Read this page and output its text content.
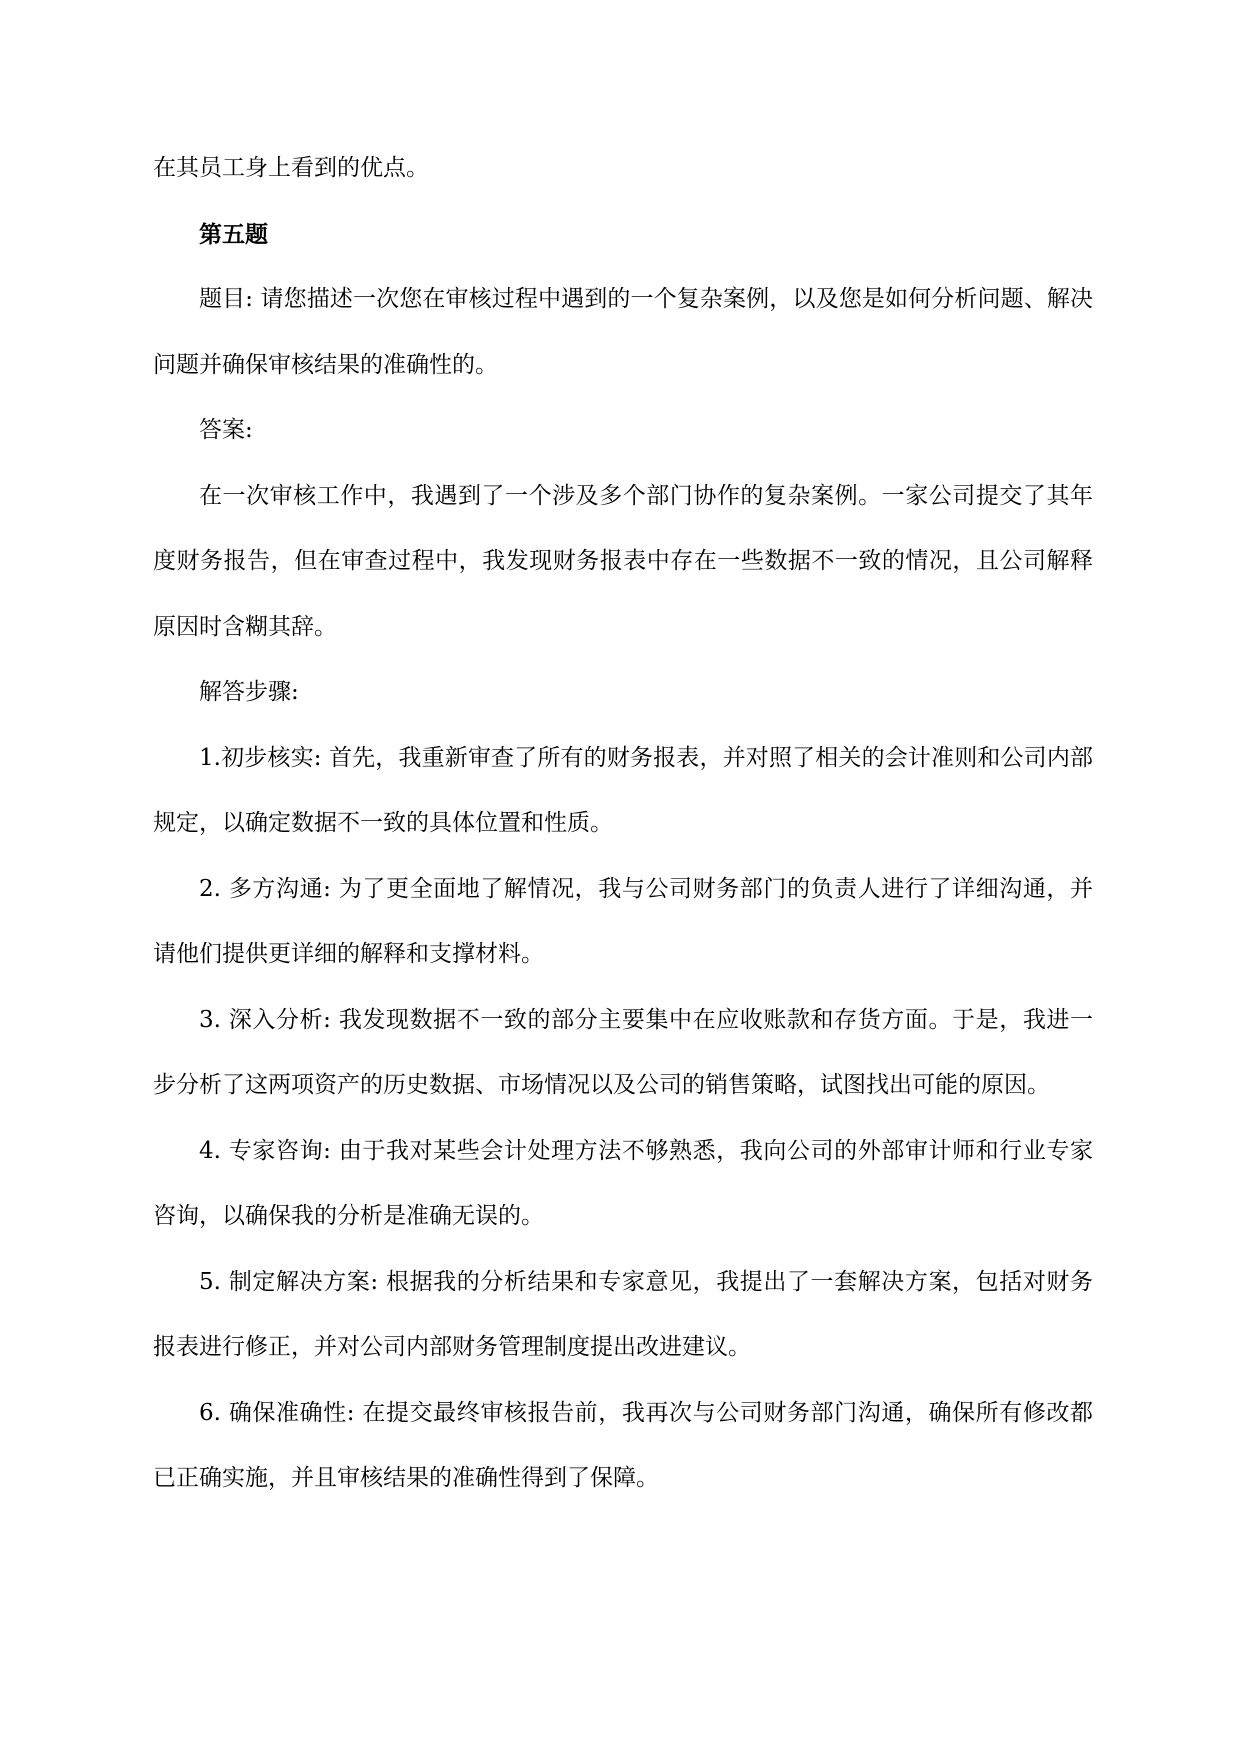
在其员工身上看到的优点。

第五题

题目: 请您描述一次您在审核过程中遇到的一个复杂案例，以及您是如何分析问题、解决问题并确保审核结果的准确性的。

答案:

在一次审核工作中，我遇到了一个涉及多个部门协作的复杂案例。一家公司提交了其年度财务报告，但在审查过程中，我发现财务报表中存在一些数据不一致的情况，且公司解释原因时含糊其辞。

解答步骤:

1.初步核实: 首先，我重新审查了所有的财务报表，并对照了相关的会计准则和公司内部规定，以确定数据不一致的具体位置和性质。

2. 多方沟通: 为了更全面地了解情况，我与公司财务部门的负责人进行了详细沟通，并请他们提供更详细的解释和支撑材料。

3. 深入分析: 我发现数据不一致的部分主要集中在应收账款和存货方面。于是，我进一步分析了这两项资产的历史数据、市场情况以及公司的销售策略，试图找出可能的原因。

4. 专家咨询: 由于我对某些会计处理方法不够熟悉，我向公司的外部审计师和行业专家咨询，以确保我的分析是准确无误的。

5. 制定解决方案: 根据我的分析结果和专家意见，我提出了一套解决方案，包括对财务报表进行修正，并对公司内部财务管理制度提出改进建议。

6. 确保准确性: 在提交最终审核报告前，我再次与公司财务部门沟通，确保所有修改都已正确实施，并且审核结果的准确性得到了保障。
